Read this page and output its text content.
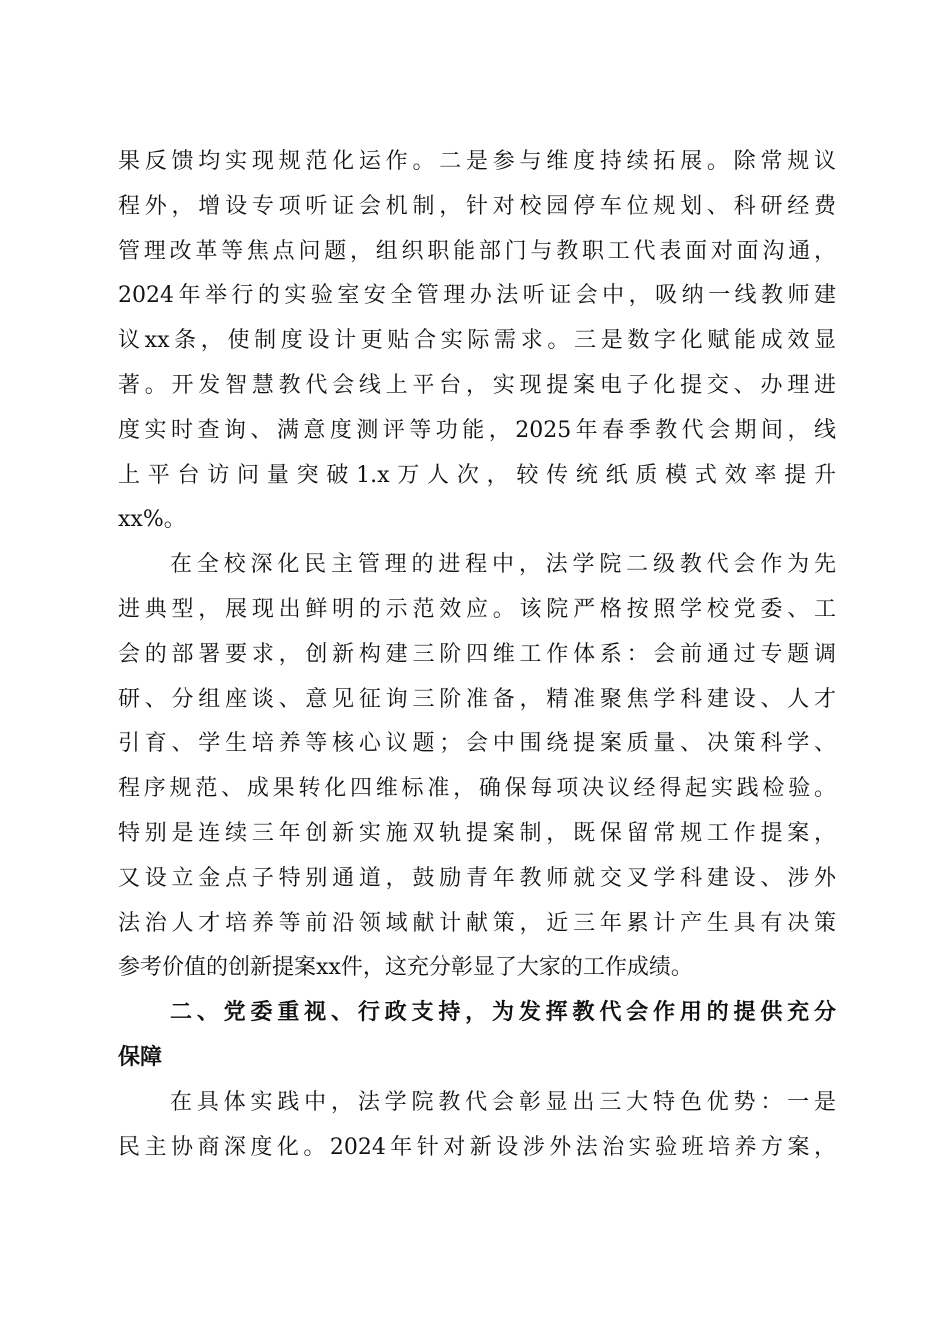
果反馈均实现规范化运作。二是参与维度持续拓展。除常规议
程外，增设专项听证会机制，针对校园停车位规划、科研经费
管理改革等焦点问题，组织职能部门与教职工代表面对面沟通，
2024年举行的实验室安全管理办法听证会中，吸纳一线教师建
议xx条，使制度设计更贴合实际需求。三是数字化赋能成效显
著。开发智慧教代会线上平台，实现提案电子化提交、办理进
度实时查询、满意度测评等功能，2025年春季教代会期间，线
上平台访问量突破1.x万人次，较传统纸质模式效率提升
xx%。
在全校深化民主管理的进程中，法学院二级教代会作为先
进典型，展现出鲜明的示范效应。该院严格按照学校党委、工
会的部署要求，创新构建三阶四维工作体系：会前通过专题调
研、分组座谈、意见征询三阶准备，精准聚焦学科建设、人才
引育、学生培养等核心议题；会中围绕提案质量、决策科学、
程序规范、成果转化四维标准，确保每项决议经得起实践检验。
特别是连续三年创新实施双轨提案制，既保留常规工作提案，
又设立金点子特别通道，鼓励青年教师就交叉学科建设、涉外
法治人才培养等前沿领域献计献策，近三年累计产生具有决策
参考价值的创新提案xx件，这充分彰显了大家的工作成绩。
二、党委重视、行政支持，为发挥教代会作用的提供充分
保障
在具体实践中，法学院教代会彰显出三大特色优势：一是
民主协商深度化。2024年针对新设涉外法治实验班培养方案，
